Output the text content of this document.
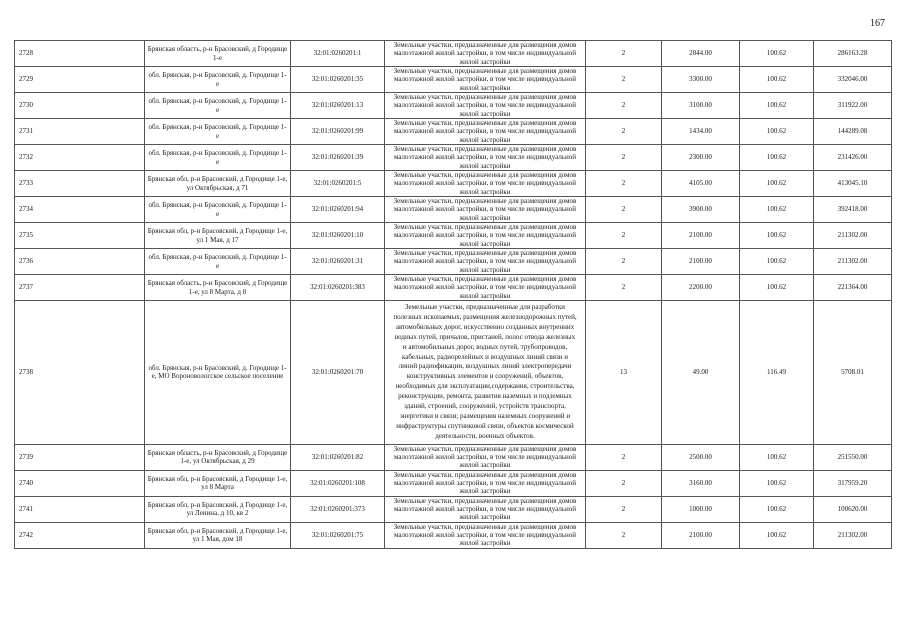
167
2728	Брянская область, р-н Брасовский, д Городище 1-е	32:01:0260201:1	Земельные участки, предназначенные для размещения домов малоэтажной жилой застройки, в том числе индивидуальной жилой застройки	2	2844.00	100.62	286163.28
2729	обл. Брянская, р-н Брасовский, д. Городище 1-е	32:01:0260201:35	Земельные участки, предназначенные для размещения домов малоэтажной жилой застройки, в том числе индивидуальной жилой застройки	2	3300.00	100.62	332046.00
2730	обл. Брянская, р-н Брасовский, д. Городище 1-е	32:01:0260201:13	Земельные участки, предназначенные для размещения домов малоэтажной жилой застройки, в том числе индивидуальной жилой застройки	2	3100.00	100.62	311922.00
2731	обл. Брянская, р-н Брасовский, д. Городище 1-е	32:01:0260201:99	Земельные участки, предназначенные для размещения домов малоэтажной жилой застройки, в том числе индивидуальной жилой застройки	2	1434.00	100.62	144289.08
2732	обл. Брянская, р-н Брасовский, д. Городище 1-е	32:01:0260201:39	Земельные участки, предназначенные для размещения домов малоэтажной жилой застройки, в том числе индивидуальной жилой застройки	2	2300.00	100.62	231426.00
2733	Брянская обл, р-н Брасовский, д Городище 1-е, ул Октябрьская, д 71	32:01:0260201:5	Земельные участки, предназначенные для размещения домов малоэтажной жилой застройки, в том числе индивидуальной жилой застройки	2	4105.00	100.62	413045.10
2734	обл. Брянская, р-н Брасовский, д. Городище 1-е	32:01:0260201:94	Земельные участки, предназначенные для размещения домов малоэтажной жилой застройки, в том числе индивидуальной жилой застройки	2	3900.00	100.62	392418.00
2735	Брянская обл, р-н Брасовский, д Городище 1-е, ул 1 Мая, д 17	32:01:0260201:10	Земельные участки, предназначенные для размещения домов малоэтажной жилой застройки, в том числе индивидуальной жилой застройки	2	2100.00	100.62	211302.00
2736	обл. Брянская, р-н Брасовский, д. Городище 1-е	32:01:0260201:31	Земельные участки, предназначенные для размещения домов малоэтажной жилой застройки, в том числе индивидуальной жилой застройки	2	2100.00	100.62	211302.00
2737	Брянская область, р-н Брасовский, д Городище 1-е, ул 8 Марта, д 8	32:01:0260201:383	Земельные участки, предназначенные для размещения домов малоэтажной жилой застройки, в том числе индивидуальной жилой застройки	2	2200.00	100.62	221364.00
2738	обл. Брянская, р-н Брасовский, д. Городище 1-е, МО Вороновологское сельское поселение	32:01:0260201:70	Земельные участки, предназначенные для разработки полезных ископаемых, размещения железнодорожных путей, автомобильных дорог, искусственно созданных внутренних водных путей, причалов, пристаней, полос отвода железных и автомобильных дорог, водных путей, трубопроводов, кабельных, радиорелейных и воздушных линий связи и линий радиофикации, воздушных линий электропередачи конструктивных элементов и сооружений, объектов, необходимых для эксплуатации,содержания, строительства, реконструкции, ремонта, развития наземных и подземных зданий, строений, сооружений, устройств транспорта, энергетики и связи; размещения наземных сооружений и инфраструктуры спутниковой связи, объектов космической деятельности, военных объектов.	13	49.00	116.49	5708.01
2739	Брянская область, р-н Брасовский, д Городище 1-е, ул Октябрьская, д 29	32:01:0260201:82	Земельные участки, предназначенные для размещения домов малоэтажной жилой застройки, в том числе индивидуальной жилой застройки	2	2500.00	100.62	251550.00
2740	Брянская обл, р-н Брасовский, д Городище 1-е, ул 8 Марта	32:01:0260201:108	Земельные участки, предназначенные для размещения домов малоэтажной жилой застройки, в том числе индивидуальной жилой застройки	2	3160.00	100.62	317959.20
2741	Брянская обл, р-н Брасовский, д Городище 1-е, ул Ленина, д 10, кв 2	32:01:0260201:373	Земельные участки, предназначенные для размещения домов малоэтажной жилой застройки, в том числе индивидуальной жилой застройки	2	1000.00	100.62	100620.00
2742	Брянская обл, р-н Брасовский, д Городище 1-е, ул 1 Мая, дом 18	32:01:0260201:75	Земельные участки, предназначенные для размещения домов малоэтажной жилой застройки, в том числе индивидуальной жилой застройки	2	2100.00	100.62	211302.00
